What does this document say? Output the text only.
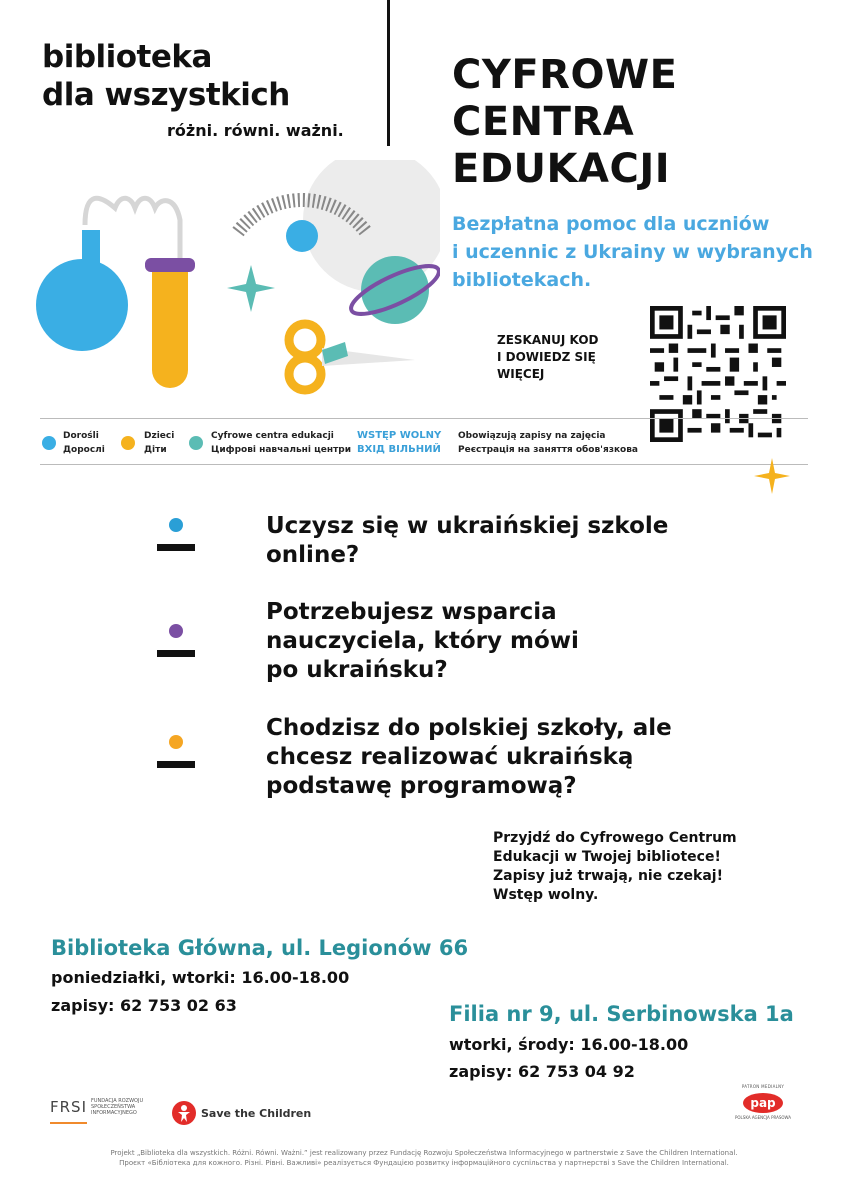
biblioteka
dla wszystkich
różni. równi. ważni.
CYFROWE
CENTRA
EDUKACJI
Bezpłatna pomoc dla uczniów
i uczennic z Ukrainy w wybranych
bibliotekach.
ZESKANUJ KOD
I DOWIEDZ SIĘ
WIĘCEJ
Dorośli
Дорослі
Dzieci
Діти
Cyfrowe centra edukacji
Цифрові навчальні центри
WSTĘP WOLNY
ВХІД ВІЛЬНИЙ
Obowiązują zapisy na zajęcia
Реєстрація на заняття обов'язкова
Uczysz się w ukraińskiej szkole
online?
Potrzebujesz wsparcia
nauczyciela, który mówi
po ukraińsku?
Chodzisz do polskiej szkoły, ale
chcesz realizować ukraińską
podstawę programową?
Przyjdź do Cyfrowego Centrum
Edukacji w Twojej bibliotece!
Zapisy już trwają, nie czekaj!
Wstęp wolny.
Biblioteka Główna, ul. Legionów 66
poniedziałki, wtorki: 16.00-18.00
zapisy: 62 753 02 63	Filia nr 9, ul. Serbinowska 1a
wtorki, środy: 16.00-18.00
zapisy: 62 753 04 92
FRSI FUNDACJA ROZWOJU SPOŁECZEŃSTWA INFORMACYJNEGO	Save the Children
PATRON MEDIALNY
pap
POLSKA AGENCJA PRASOWA
Projekt „Biblioteka dla wszystkich. Różni. Równi. Ważni.” jest realizowany przez Fundację Rozwoju Społeczeństwa Informacyjnego w partnerstwie z Save the Children International.
Проєкт «Бібліотека для кожного. Різні. Рівні. Важливі» реалізується Фундацією розвитку інформаційного суспільства у партнерстві з Save the Children International.
